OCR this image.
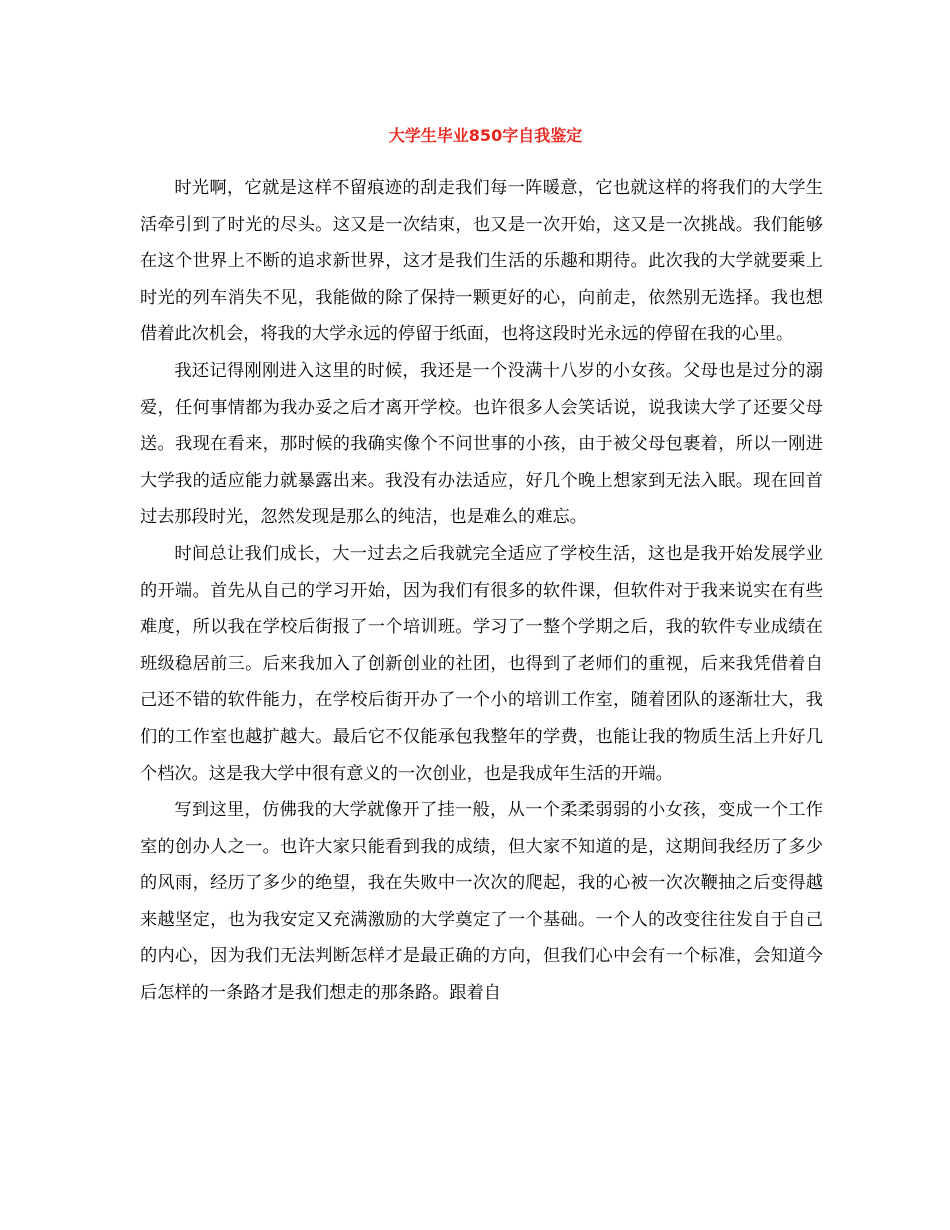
大学生毕业850字自我鉴定

时光啊，它就是这样不留痕迹的刮走我们每一阵暖意，它也就这样的将我们的大学生活牵引到了时光的尽头。这又是一次结束，也又是一次开始，这又是一次挑战。我们能够在这个世界上不断的追求新世界，这才是我们生活的乐趣和期待。此次我的大学就要乘上时光的列车消失不见，我能做的除了保持一颗更好的心，向前走，依然别无选择。我也想借着此次机会，将我的大学永远的停留于纸面，也将这段时光永远的停留在我的心里。

我还记得刚刚进入这里的时候，我还是一个没满十八岁的小女孩。父母也是过分的溺爱，任何事情都为我办妥之后才离开学校。也许很多人会笑话说，说我读大学了还要父母送。我现在看来，那时候的我确实像个不问世事的小孩，由于被父母包裹着，所以一刚进大学我的适应能力就暴露出来。我没有办法适应，好几个晚上想家到无法入眠。现在回首过去那段时光，忽然发现是那么的纯洁，也是难么的难忘。

时间总让我们成长，大一过去之后我就完全适应了学校生活，这也是我开始发展学业的开端。首先从自己的学习开始，因为我们有很多的软件课，但软件对于我来说实在有些难度，所以我在学校后街报了一个培训班。学习了一整个学期之后，我的软件专业成绩在班级稳居前三。后来我加入了创新创业的社团，也得到了老师们的重视，后来我凭借着自己还不错的软件能力，在学校后街开办了一个小的培训工作室，随着团队的逐渐壮大，我们的工作室也越扩越大。最后它不仅能承包我整年的学费，也能让我的物质生活上升好几个档次。这是我大学中很有意义的一次创业，也是我成年生活的开端。

写到这里，仿佛我的大学就像开了挂一般，从一个柔柔弱弱的小女孩，变成一个工作室的创办人之一。也许大家只能看到我的成绩，但大家不知道的是，这期间我经历了多少的风雨，经历了多少的绝望，我在失败中一次次的爬起，我的心被一次次鞭抽之后变得越来越坚定，也为我安定又充满激励的大学奠定了一个基础。一个人的改变往往发自于自己的内心，因为我们无法判断怎样才是最正确的方向，但我们心中会有一个标准，会知道今后怎样的一条路才是我们想走的那条路。跟着自
